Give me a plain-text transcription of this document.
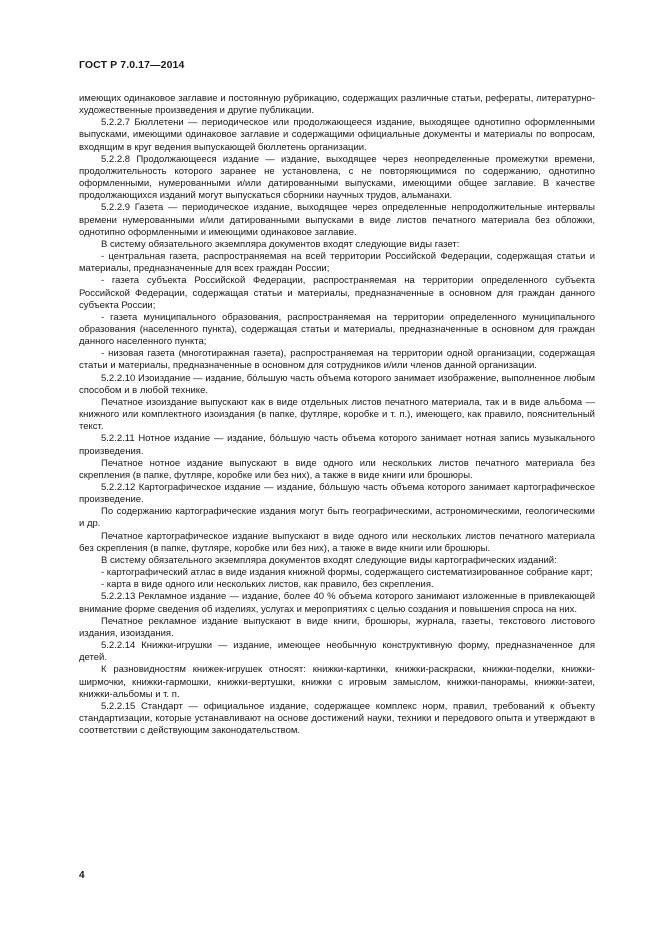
ГОСТ Р 7.0.17—2014

имеющих одинаковое заглавие и постоянную рубрикацию, содержащих различные статьи, рефераты, литературно-художественные произведения и другие публикации.

5.2.2.7 Бюллетени — периодическое или продолжающееся издание, выходящее однотипно оформленными выпусками, имеющими одинаковое заглавие и содержащими официальные документы и материалы по вопросам, входящим в круг ведения выпускающей бюллетень организации.

5.2.2.8 Продолжающееся издание — издание, выходящее через неопределенные промежутки времени, продолжительность которого заранее не установлена, с не повторяющимися по содержанию, однотипно оформленными, нумерованными и/или датированными выпусками, имеющими общее заглавие. В качестве продолжающихся изданий могут выпускаться сборники научных трудов, альманахи.

5.2.2.9 Газета — периодическое издание, выходящее через определенные непродолжительные интервалы времени нумерованными и/или датированными выпусками в виде листов печатного материала без обложки, однотипно оформленными и имеющими одинаковое заглавие.

В систему обязательного экземпляра документов входят следующие виды газет:

- центральная газета, распространяемая на всей территории Российской Федерации, содержащая статьи и материалы, предназначенные для всех граждан России;

- газета субъекта Российской Федерации, распространяемая на территории определенного субъекта Российской Федерации, содержащая статьи и материалы, предназначенные в основном для граждан данного субъекта России;

- газета муниципального образования, распространяемая на территории определенного муниципального образования (населенного пункта), содержащая статьи и материалы, предназначенные в основном для граждан данного населенного пункта;

- низовая газета (многотиражная газета), распространяемая на территории одной организации, содержащая статьи и материалы, предназначенные в основном для сотрудников и/или членов данной организации.

5.2.2.10 Изоиздание — издание, бо́льшую часть объема которого занимает изображение, выполненное любым способом и в любой технике.

Печатное изоиздание выпускают как в виде отдельных листов печатного материала, так и в виде альбома — книжного или комплектного изоиздания (в папке, футляре, коробке и т. п.), имеющего, как правило, пояснительный текст.

5.2.2.11 Нотное издание — издание, бо́льшую часть объема которого занимает нотная запись музыкального произведения.

Печатное нотное издание выпускают в виде одного или нескольких листов печатного материала без скрепления (в папке, футляре, коробке или без них), а также в виде книги или брошюры.

5.2.2.12 Картографическое издание — издание, бо́льшую часть объема которого занимает картографическое произведение.

По содержанию картографические издания могут быть географическими, астрономическими, геологическими и др.

Печатное картографическое издание выпускают в виде одного или нескольких листов печатного материала без скрепления (в папке, футляре, коробке или без них), а также в виде книги или брошюры.

В систему обязательного экземпляра документов входят следующие виды картографических изданий:

- картографический атлас в виде издания книжной формы, содержащего систематизированное собрание карт;

- карта в виде одного или нескольких листов, как правило, без скрепления.

5.2.2.13 Рекламное издание — издание, более 40 % объема которого занимают изложенные в привлекающей внимание форме сведения об изделиях, услугах и мероприятиях с целью создания и повышения спроса на них.

Печатное рекламное издание выпускают в виде книги, брошюры, журнала, газеты, текстового листового издания, изоиздания.

5.2.2.14 Книжки-игрушки — издание, имеющее необычную конструктивную форму, предназначенное для детей.

К разновидностям книжек-игрушек относят: книжки-картинки, книжки-раскраски, книжки-поделки, книжки-ширмочки, книжки-гармошки, книжки-вертушки, книжки с игровым замыслом, книжки-панорамы, книжки-затеи, книжки-альбомы и т. п.

5.2.2.15 Стандарт — официальное издание, содержащее комплекс норм, правил, требований к объекту стандартизации, которые устанавливают на основе достижений науки, техники и передового опыта и утверждают в соответствии с действующим законодательством.

4
